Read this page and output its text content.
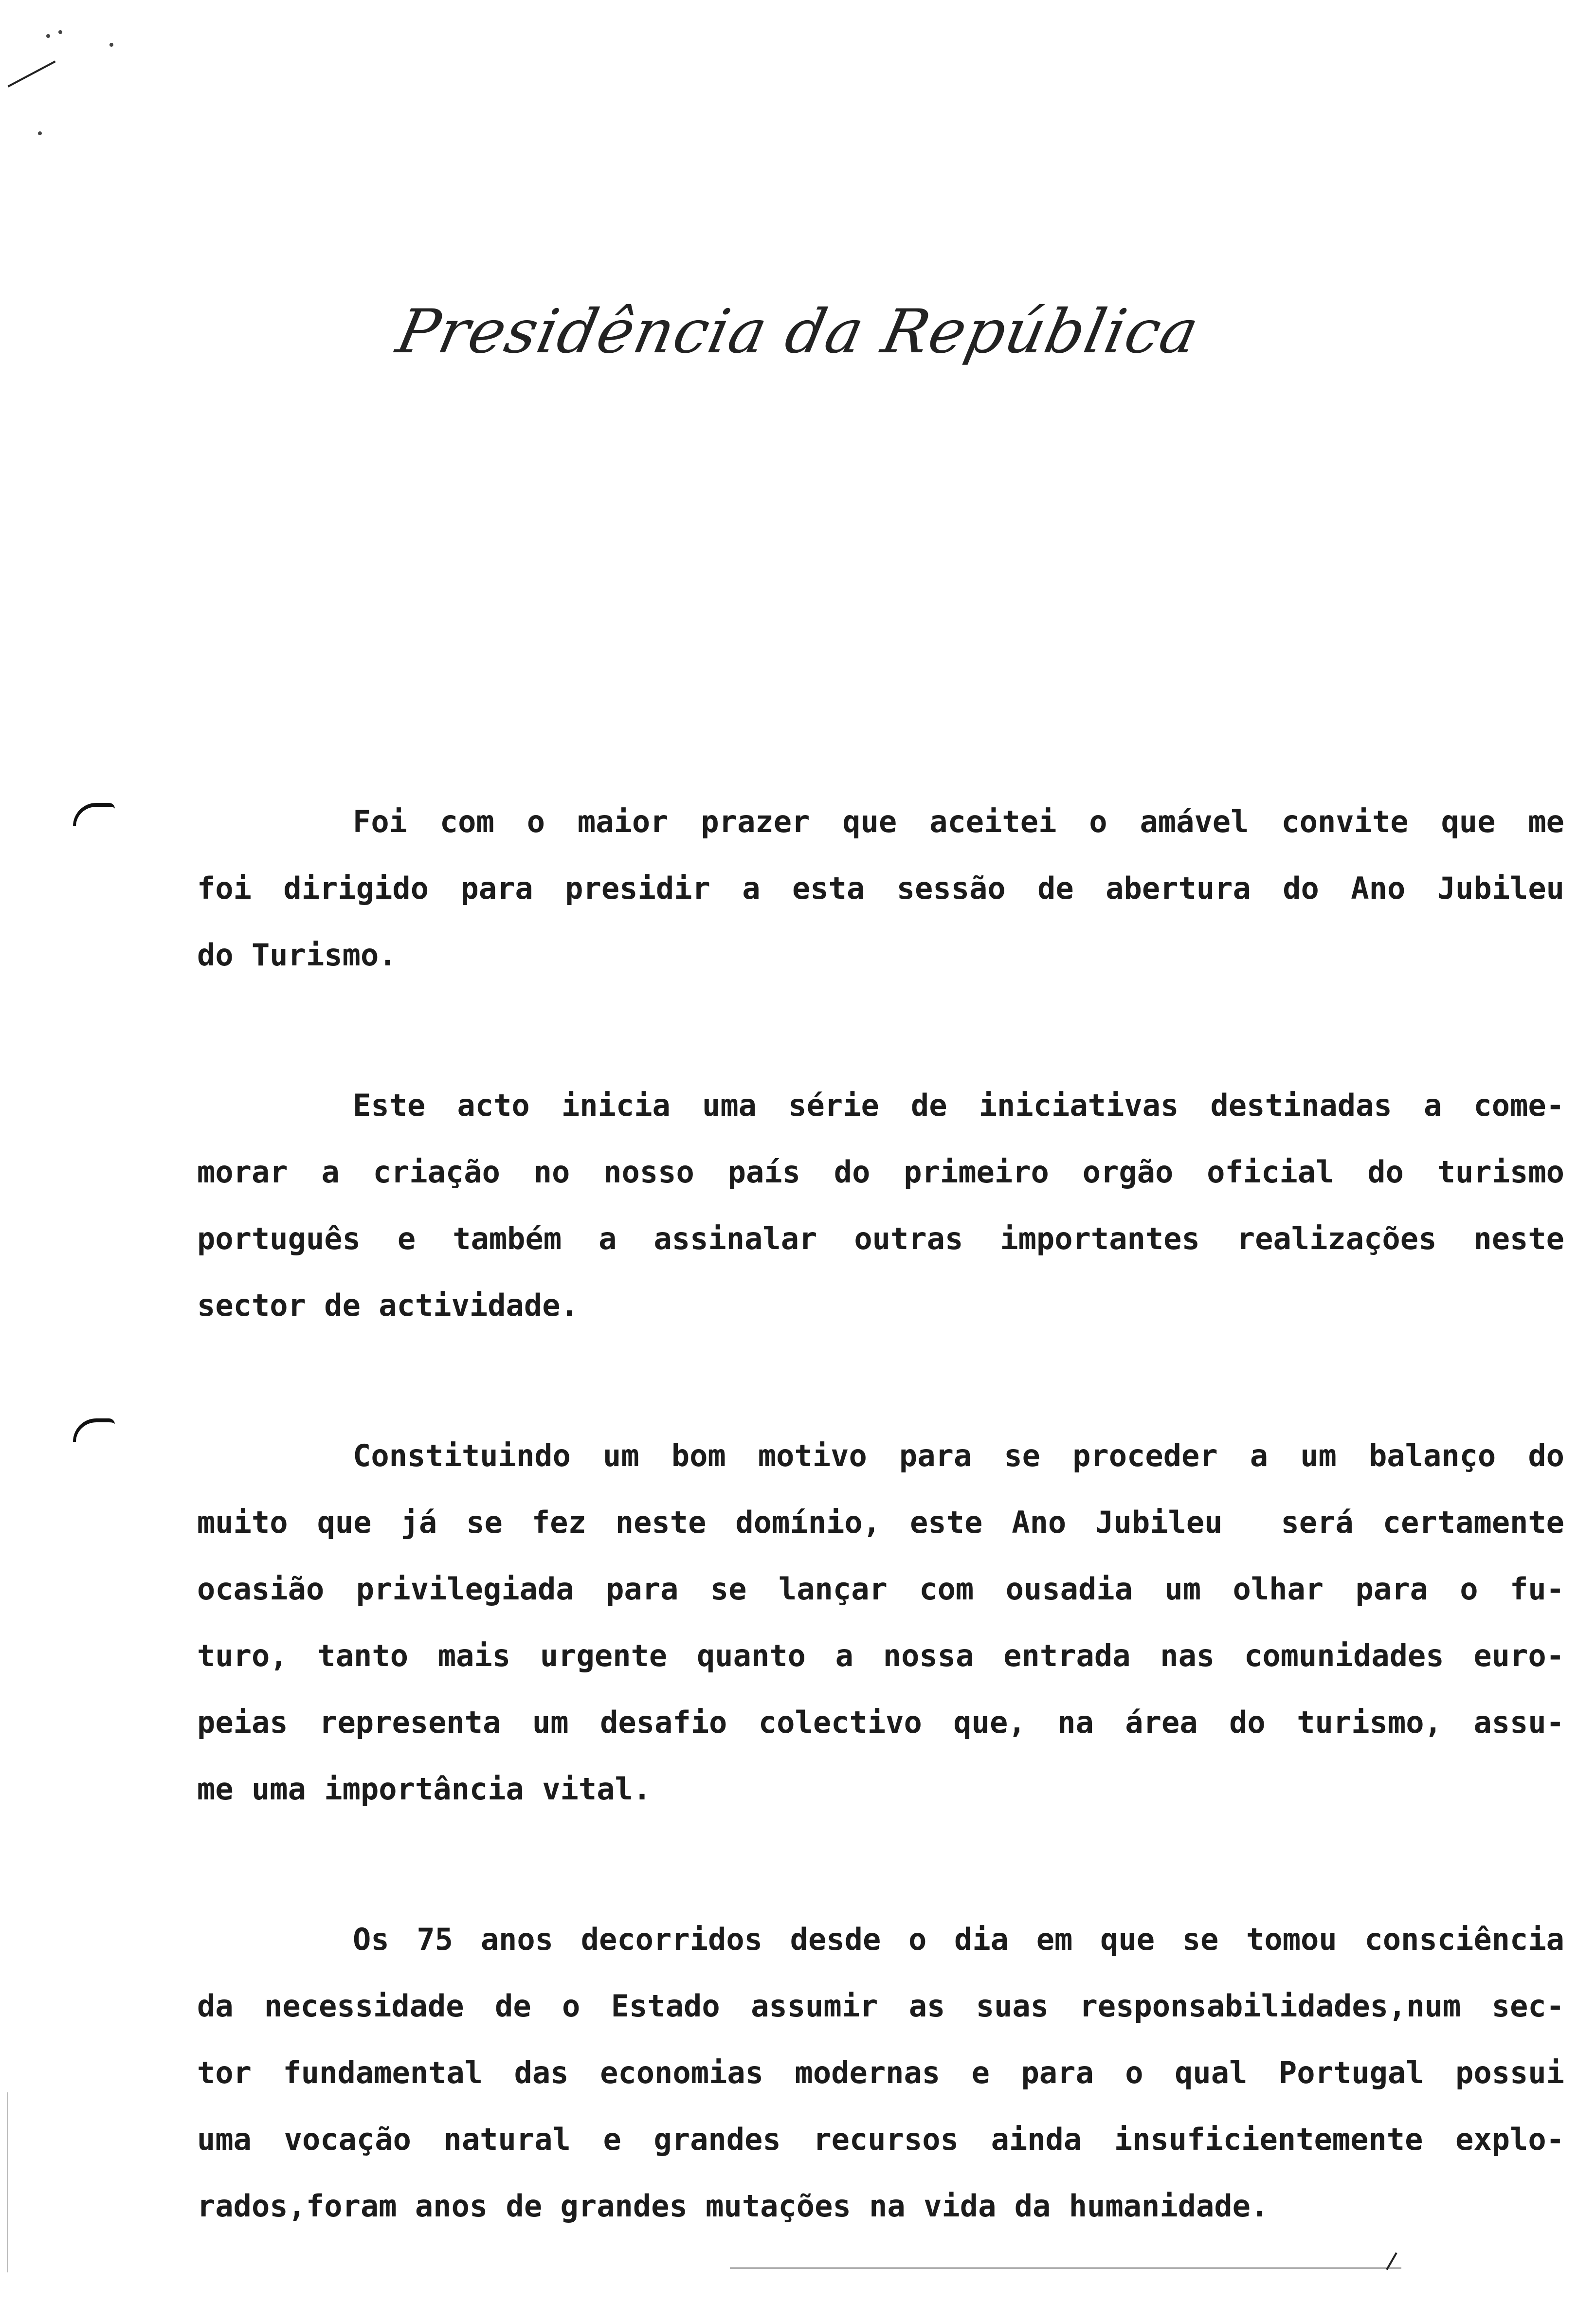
Presidência da República
Foi com o maior prazer que aceitei o amável convite que me
foi dirigido para presidir a esta sessão de abertura do Ano Jubileu
do Turismo.
Este acto inicia uma série de iniciativas destinadas a come-
morar a criação no nosso país do primeiro orgão oficial do turismo
português e também a assinalar outras importantes realizações neste
sector de actividade.
Constituindo um bom motivo para se proceder a um balanço do
muito que já se fez neste domínio, este Ano Jubileu  será certamente
ocasião privilegiada para se lançar com ousadia um olhar para o fu-
turo, tanto mais urgente quanto a nossa entrada nas comunidades euro-
peias representa um desafio colectivo que, na área do turismo, assu-
me uma importância vital.
Os 75 anos decorridos desde o dia em que se tomou consciência
da necessidade de o Estado assumir as suas responsabilidades,num sec-
tor fundamental das economias modernas e para o qual Portugal possui
uma vocação natural e grandes recursos ainda insuficientemente explo-
rados,foram anos de grandes mutações na vida da humanidade.
